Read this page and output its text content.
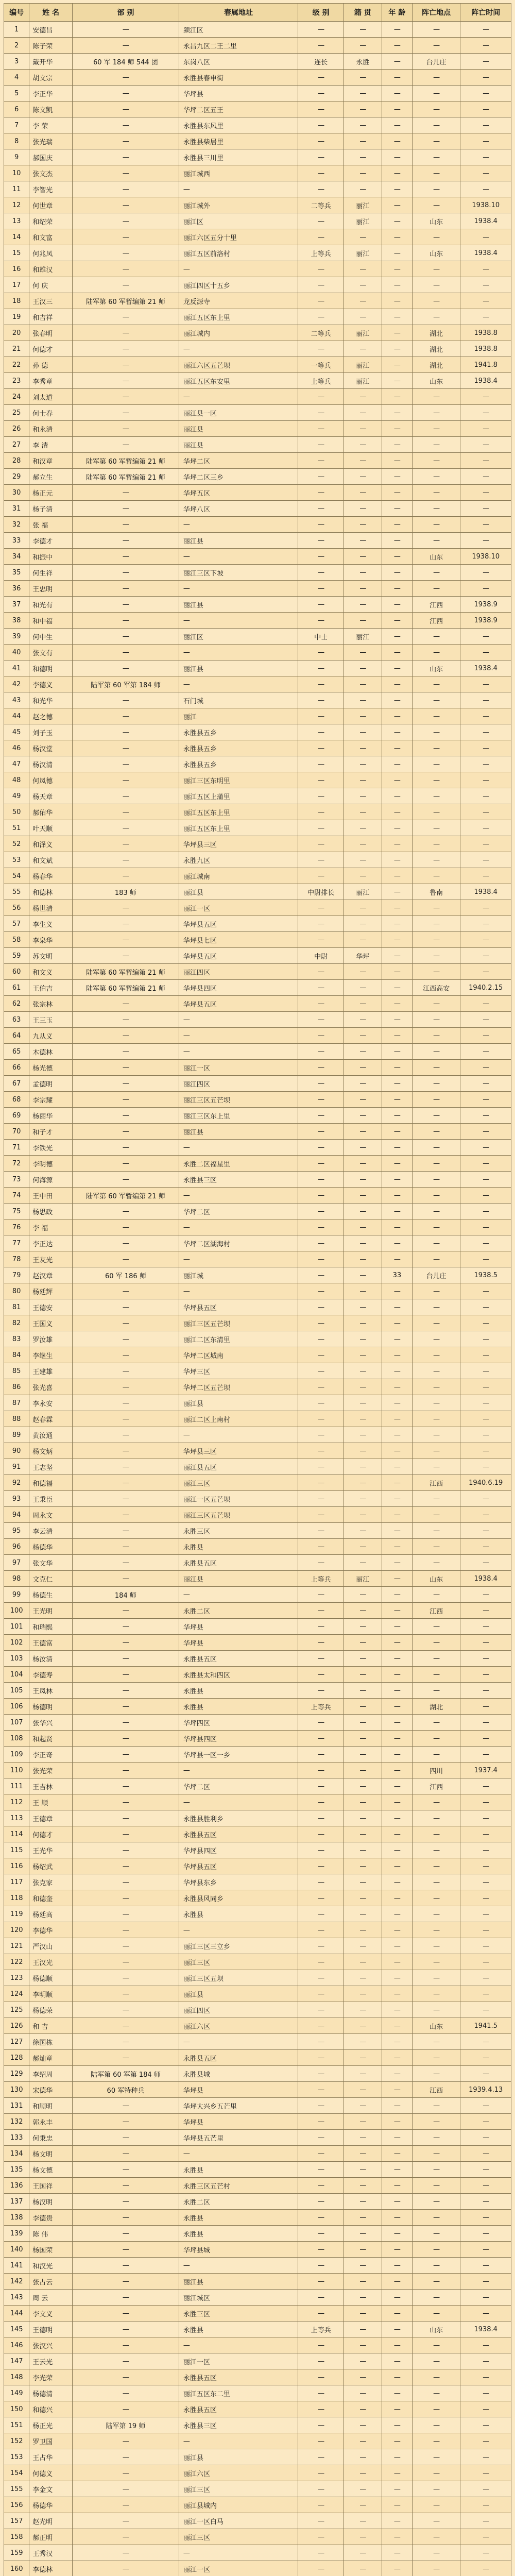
编号	姓 名	部 别	春属地址	级 别	籍 贯	年 龄	阵亡地点	阵亡时间
1	安德昌	—	颍江区	—	—	—	—	—
2	陈子荣	—	永昌九区二王二里	—	—	—	—	—
3	戴开华	60 军 184 师 544 团	东岗八区	连长	永胜	—	台儿庄	—
4	胡文宗	—	永胜县春申街	—	—	—	—	—
5	李正华	—	华坪县	—	—	—	—	—
6	陈文凯	—	华坪二区五王	—	—	—	—	—
7	李 荣	—	永胜县东风里	—	—	—	—	—
8	张光瑞	—	永胜县柴居里	—	—	—	—	—
9	郝国庆	—	永胜县三川里	—	—	—	—	—
10	张文杰	—	丽江城西	—	—	—	—	—
11	李智光	—	—	—	—	—	—	—
12	何世章	—	丽江城外	二等兵	丽江	—	—	1938.10
13	和绍荣	—	丽江区	—	丽江	—	山东	1938.4
14	和文富	—	丽江六区五分十里	—	—	—	—	—
15	何兆凤	—	丽江五区前洛村	上等兵	丽江	—	山东	1938.4
16	和雄汉	—	—	—	—	—	—	—
17	何 庆	—	丽江四区十五乡	—	—	—	—	—
18	王汉三	陆军第 60 军暂编第 21 师	龙反源寺	—	—	—	—	—
19	和吉祥	—	丽江五区东上里	—	—	—	—	—
20	张春明	—	丽江城内	二等兵	丽江	—	湖北	1938.8
21	何德才	—	—	—	—	—	湖北	1938.8
22	孙 德	—	丽江六区五芒坝	一等兵	丽江	—	湖北	1941.8
23	李秀章	—	丽江五区东安里	上等兵	丽江	—	山东	1938.4
24	刘太道	—	—	—	—	—	—	—
25	何士春	—	丽江县一区	—	—	—	—	—
26	和永清	—	丽江县	—	—	—	—	—
27	李 清	—	丽江县	—	—	—	—	—
28	和汉章	陆军第 60 军暂编第 21 师	华坪二区	—	—	—	—	—
29	郝立生	陆军第 60 军暂编第 21 师	华坪二区三乡	—	—	—	—	—
30	杨正元	—	华坪五区	—	—	—	—	—
31	杨子清	—	华坪八区	—	—	—	—	—
32	张 福	—	—	—	—	—	—	—
33	李德才	—	丽江县	—	—	—	—	—
34	和振中	—	—	—	—	—	山东	1938.10
35	何生祥	—	丽江三区下坡	—	—	—	—	—
36	王忠明	—	—	—	—	—	—	—
37	和光有	—	丽江县	—	—	—	江西	1938.9
38	和中福	—	—	—	—	—	江西	1938.9
39	何中生	—	丽江区	中士	丽江	—	—	—
40	张文有	—	—	—	—	—	—	—
41	和德明	—	丽江县	—	—	—	山东	1938.4
42	李德义	陆军第 60 军第 184 师	—	—	—	—	—	—
43	和光华	—	石门城	—	—	—	—	—
44	赵之德	—	丽江	—	—	—	—	—
45	刘子玉	—	永胜县五乡	—	—	—	—	—
46	杨汉堂	—	永胜县五乡	—	—	—	—	—
47	杨汉清	—	永胜县五乡	—	—	—	—	—
48	何凤德	—	丽江三区东明里	—	—	—	—	—
49	杨天章	—	丽江五区上蒲里	—	—	—	—	—
50	郝佑华	—	丽江五区东上里	—	—	—	—	—
51	叶天顺	—	丽江五区东上里	—	—	—	—	—
52	和泽义	—	华坪县三区	—	—	—	—	—
53	和文斌	—	永胜九区	—	—	—	—	—
54	杨春华	—	丽江城南	—	—	—	—	—
55	和德林	183 师	丽江县	中尉排长	丽江	—	鲁南	1938.4
56	杨世清	—	丽江一区	—	—	—	—	—
57	李生义	—	华坪县五区	—	—	—	—	—
58	李泉华	—	华坪县七区	—	—	—	—	—
59	苏文明	—	华坪县五区	中尉	华坪	—	—	—
60	和文义	陆军第 60 军暂编第 21 师	丽江四区	—	—	—	—	—
61	王伯吉	陆军第 60 军暂编第 21 师	华坪县四区	—	—	—	江西高安	1940.2.15
62	张宗林	—	华坪县五区	—	—	—	—	—
63	王三玉	—	—	—	—	—	—	—
64	九从义	—	—	—	—	—	—	—
65	木德林	—	—	—	—	—	—	—
66	杨光德	—	丽江一区	—	—	—	—	—
67	孟德明	—	丽江四区	—	—	—	—	—
68	李宗耀	—	丽江三区五芒坝	—	—	—	—	—
69	杨丽华	—	丽江三区东上里	—	—	—	—	—
70	和子才	—	丽江县	—	—	—	—	—
71	李铁光	—	—	—	—	—	—	—
72	李明德	—	永胜二区福星里	—	—	—	—	—
73	何海源	—	永胜县三区	—	—	—	—	—
74	王中田	陆军第 60 军暂编第 21 师	—	—	—	—	—	—
75	杨思政	—	华坪二区	—	—	—	—	—
76	李 福	—	—	—	—	—	—	—
77	李正达	—	华坪二区湖海村	—	—	—	—	—
78	王友光	—	—	—	—	—	—	—
79	赵汉章	60 军 186 师	丽江城	—	—	33	台儿庄	1938.5
80	杨廷辉	—	—	—	—	—	—	—
81	王德安	—	华坪县五区	—	—	—	—	—
82	王国义	—	丽江三区五芒坝	—	—	—	—	—
83	罗汝雄	—	丽江二区东清里	—	—	—	—	—
84	李继生	—	华坪二区城南	—	—	—	—	—
85	王建雄	—	华坪三区	—	—	—	—	—
86	张光喜	—	华坪二区五芒坝	—	—	—	—	—
87	李永安	—	丽江县	—	—	—	—	—
88	赵春霖	—	丽江二区上南村	—	—	—	—	—
89	黄汝通	—	—	—	—	—	—	—
90	杨文炳	—	华坪县三区	—	—	—	—	—
91	王志坚	—	丽江县五区	—	—	—	—	—
92	和德福	—	丽江三区	—	—	—	江西	1940.6.19
93	王秉臣	—	丽江一区五芒坝	—	—	—	—	—
94	周永文	—	丽江三区五芒坝	—	—	—	—	—
95	李云清	—	永胜三区	—	—	—	—	—
96	杨德华	—	永胜县	—	—	—	—	—
97	张文华	—	永胜县五区	—	—	—	—	—
98	文克仁	—	丽江县	上等兵	丽江	—	山东	1938.4
99	杨德生	184 师	—	—	—	—	—	—
100	王光明	—	永胜二区	—	—	—	江西	—
101	和瑞熙	—	华坪县	—	—	—	—	—
102	王德富	—	华坪县	—	—	—	—	—
103	杨汝清	—	永胜县五区	—	—	—	—	—
104	李德寿	—	永胜县太和四区	—	—	—	—	—
105	王凤林	—	永胜县	—	—	—	—	—
106	杨德明	—	永胜县	上等兵	—	—	湖北	—
107	张华兴	—	华坪四区	—	—	—	—	—
108	和起贤	—	华坪县四区	—	—	—	—	—
109	李正奇	—	华坪县一区一乡	—	—	—	—	—
110	张光荣	—	—	—	—	—	四川	1937.4
111	王吉林	—	华坪二区	—	—	—	江西	—
112	王 顺	—	—	—	—	—	—	—
113	王德章	—	永胜县胜利乡	—	—	—	—	—
114	何德才	—	永胜县五区	—	—	—	—	—
115	王光华	—	华坪县四区	—	—	—	—	—
116	杨绍武	—	华坪县五区	—	—	—	—	—
117	张克家	—	华坪县东乡	—	—	—	—	—
118	和德奎	—	永胜县风同乡	—	—	—	—	—
119	杨廷高	—	永胜县	—	—	—	—	—
120	李德华	—	—	—	—	—	—	—
121	严汉山	—	丽江三区三立乡	—	—	—	—	—
122	王汉光	—	丽江三区	—	—	—	—	—
123	杨德顺	—	丽江三区五坝	—	—	—	—	—
124	李明顺	—	丽江县	—	—	—	—	—
125	杨德荣	—	丽江四区	—	—	—	—	—
126	和 吉	—	丽江六区	—	—	—	山东	1941.5
127	徐国栋	—	—	—	—	—	—	—
128	郝灿章	—	永胜县五区	—	—	—	—	—
129	李绍周	陆军第 60 军第 184 师	永胜县城	—	—	—	—	—
130	宋德华	60 军特种兵	华坪县	—	—	—	江西	1939.4.13
131	和顺明	—	华坪大兴乡五芒里	—	—	—	—	—
132	郭永丰	—	华坪县	—	—	—	—	—
133	何秉忠	—	华坪县五芒里	—	—	—	—	—
134	杨文明	—	—	—	—	—	—	—
135	杨文德	—	永胜县	—	—	—	—	—
136	王国祥	—	永胜三区五芒村	—	—	—	—	—
137	杨汉明	—	永胜二区	—	—	—	—	—
138	李德贵	—	永胜县	—	—	—	—	—
139	陈 伟	—	永胜县	—	—	—	—	—
140	杨国荣	—	华坪县城	—	—	—	—	—
141	和汉光	—	—	—	—	—	—	—
142	张占云	—	丽江县	—	—	—	—	—
143	周 云	—	丽江城区	—	—	—	—	—
144	李文义	—	永胜三区	—	—	—	—	—
145	王德明	—	永胜县	上等兵	—	—	山东	1938.4
146	张汉兴	—	—	—	—	—	—	—
147	王云光	—	丽江一区	—	—	—	—	—
148	李光荣	—	永胜县五区	—	—	—	—	—
149	杨德清	—	丽江五区东二里	—	—	—	—	—
150	和德兴	—	永胜县五区	—	—	—	—	—
151	杨正光	陆军第 19 师	永胜县三区	—	—	—	—	—
152	罗卫国	—	—	—	—	—	—	—
153	王占华	—	丽江县	—	—	—	—	—
154	何德义	—	丽江六区	—	—	—	—	—
155	李金文	—	丽江三区	—	—	—	—	—
156	杨德华	—	丽江县城内	—	—	—	—	—
157	赵光明	—	丽江一区白马	—	—	—	—	—
158	郝正明	—	丽江三区	—	—	—	—	—
159	王秀汉	—	—	—	—	—	—	—
160	李德林	—	丽江一区	—	—	—	—	—
